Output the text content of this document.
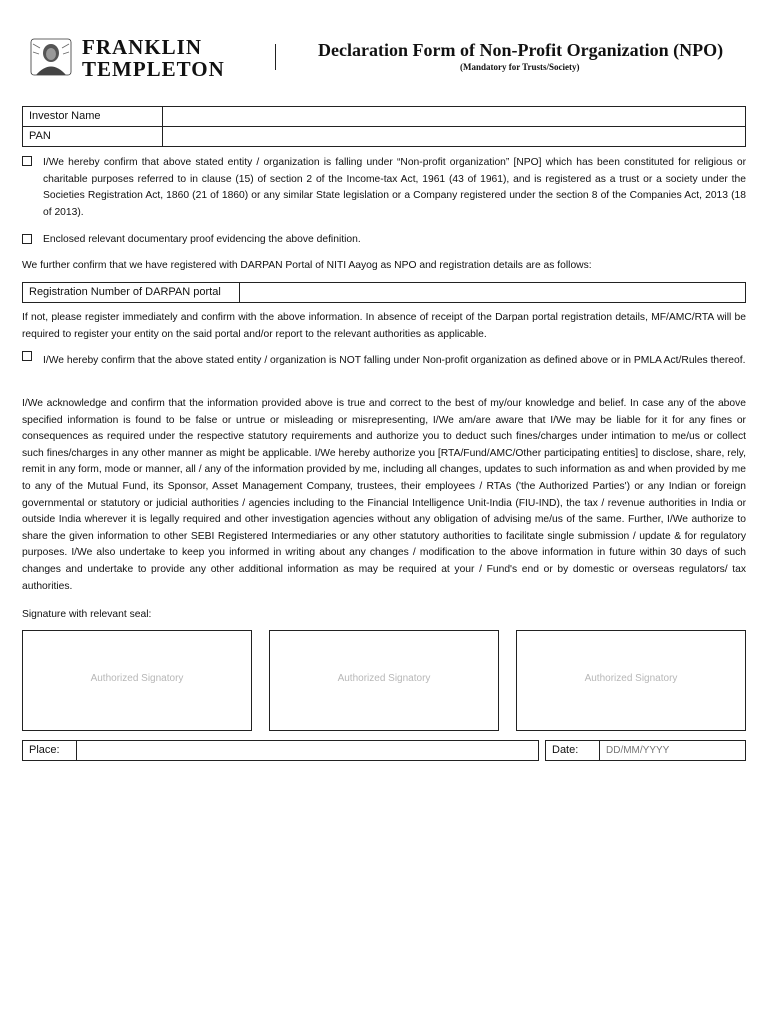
FRANKLIN
TEMPLETON
Declaration Form of Non-Profit Organization (NPO)
(Mandatory for Trusts/Society)
Investor Name
PAN
I/We hereby confirm that above stated entity / organization is falling under “Non-profit organization” [NPO] which has been constituted for religious or charitable purposes referred to in clause (15) of section 2 of the Income-tax Act, 1961 (43 of 1961), and is registered as a trust or a society under the Societies Registration Act, 1860 (21 of 1860) or any similar State legislation or a Company registered under the section 8 of the Companies Act, 2013 (18 of 2013).
Enclosed relevant documentary proof evidencing the above definition.
We further confirm that we have registered with DARPAN Portal of NITI Aayog as NPO and registration details are as follows:
Registration Number of DARPAN portal
If not, please register immediately and confirm with the above information. In absence of receipt of the Darpan portal registration details, MF/AMC/RTA will be required to register your entity on the said portal and/or report to the relevant authorities as applicable.
I/We hereby confirm that the above stated entity / organization is NOT falling under Non-profit organization as defined above or in PMLA Act/Rules thereof.
I/We acknowledge and confirm that the information provided above is true and correct to the best of my/our knowledge and belief. In case any of the above specified information is found to be false or untrue or misleading or misrepresenting, I/We am/are aware that I/We may be liable for it for any fines or consequences as required under the respective statutory requirements and authorize you to deduct such fines/charges under intimation to me/us or collect such fines/charges in any other manner as might be applicable. I/We hereby authorize you [RTA/Fund/AMC/Other participating entities] to disclose, share, rely, remit in any form, mode or manner, all / any of the information provided by me, including all changes, updates to such information as and when provided by me to any of the Mutual Fund, its Sponsor, Asset Management Company, trustees, their employees / RTAs ('the Authorized Parties') or any Indian or foreign governmental or statutory or judicial authorities / agencies including to the Financial Intelligence Unit-India (FIU-IND), the tax / revenue authorities in India or outside India wherever it is legally required and other investigation agencies without any obligation of advising me/us of the same. Further, I/We authorize to share the given information to other SEBI Registered Intermediaries or any other statutory authorities to facilitate single submission / update & for regulatory purposes. I/We also undertake to keep you informed in writing about any changes / modification to the above information in future within 30 days of such changes and undertake to provide any other additional information as may be required at your / Fund's end or by domestic or overseas regulators/ tax authorities.
Signature with relevant seal:
Authorized Signatory	Authorized Signatory	Authorized Signatory
Place:	Date:
DD/MM/YYYY
